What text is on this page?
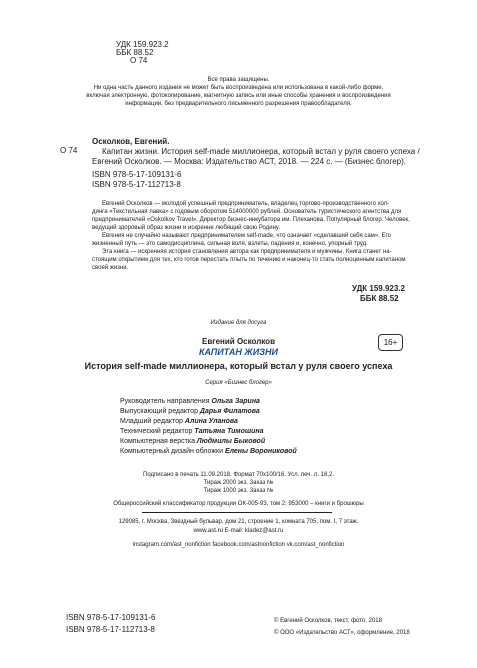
УДК 159.923.2
ББК 88.52
О 74
Все права защищены.
Ни одна часть данного издания не может быть воспроизведена или использована в какой-либо форме,
включая электронную, фотокопирование, магнитную запись или иные способы хранения и воспроизведения
информации, без предварительного письменного разрешения правообладателя.
О 74
Осколков, Евгений.
Капитан жизни. История self-made миллионера, который встал у руля своего успеха /
Евгений Осколков. — Москва: Издательство АСТ, 2018. — 224 с. — (Бизнес блогер).
ISBN 978-5-17-109131-6
ISBN 978-5-17-112713-8
Евгений Осколков — молодой успешный предприниматель, владелец торгово-производственного хол-
динга «Текстильная лавка» с годовым оборотом 514000000 рублей. Основатель туристического агентства для
предпринимателей «Oskolkov Travel». Директор бизнес-инкубатора им. Плеханова. Популярный блогер. Человек,
ведущий здоровый образ жизни и искренне любящий свою Родину.
Евгения не случайно называют предпринимателем self-made, что означает «сделавший себя сам». Его
жизненный путь — это самодисциплина, сильная воля, взлеты, падения и, конечно, упорный труд.
Эта книга — искренняя история становления автора как предпринимателя и мужчины. Книга станет на-
стоящим открытием для тех, кто готов перестать плыть по течению и наконец-то стать полноценным капитаном
своей жизни.
УДК 159.923.2
ББК 88.52
Издание для досуга
Евгений Осколков
КАПИТАН ЖИЗНИ
16+
История self-made миллионера, который встал у руля своего успеха
Серия «Бизнес блогер»
Руководитель направления Ольга Зарина
Выпускающий редактор Дарья Филатова
Младший редактор Алина Уланова
Технический редактор Татьяна Тимошина
Компьютерная верстка Людмилы Быковой
Компьютерный дизайн обложки Елены Ворониковой
Подписано в печать 11.09.2018. Формат 70х100/16. Усл. печ. л. 18,2.
Тираж 2000 экз. Заказ №
Тираж 1000 экз. Заказ №
Общероссийский классификатор продукции ОК-005-93, том 2; 953000 – книги и брошюры
129085, г. Москва, Звездный бульвар, дом 21, строение 1, комната 705, пом. I, 7 этаж.
www.ast.ru E-mail: kladez@ast.ru
instagram.com/ast_nonfiction facebook.com/astnonfiction vk.com/ast_nonfiction
ISBN 978-5-17-109131-6
ISBN 978-5-17-112713-8
© Евгений Осколков, текст, фото, 2018
© ООО «Издательство АСТ», оформление, 2018
